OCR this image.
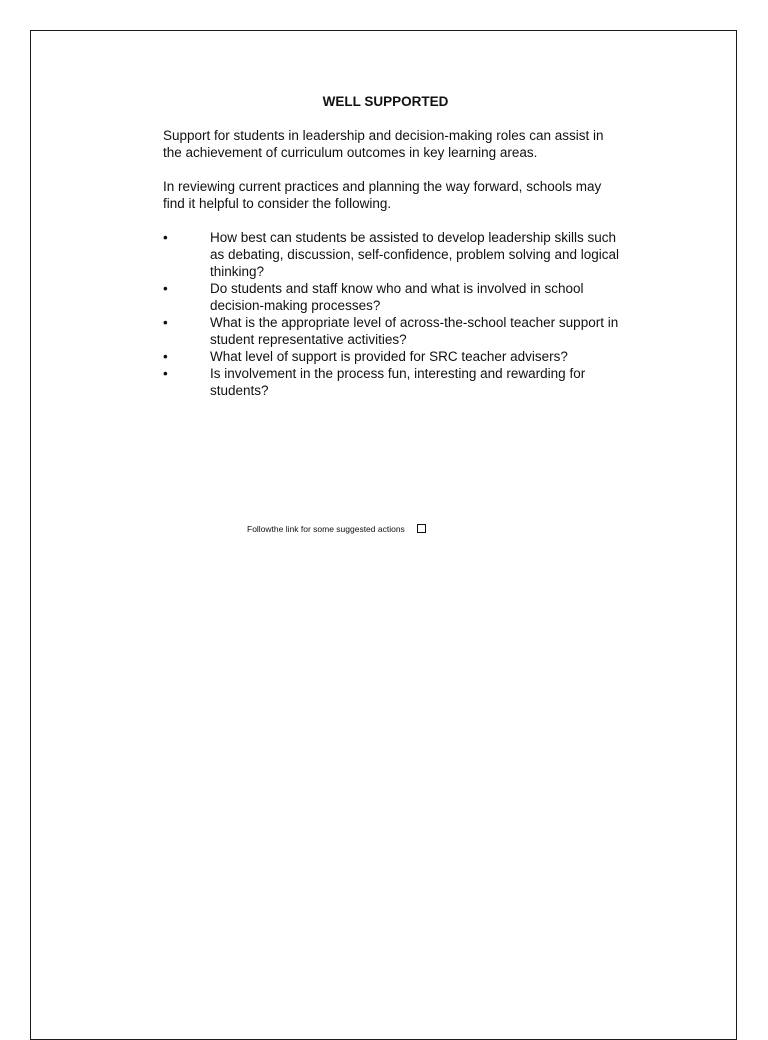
WELL SUPPORTED

Support for students in leadership and decision-making roles can assist in the achievement of curriculum outcomes in key learning areas.

In reviewing current practices and planning the way forward, schools may find it helpful to consider the following.

•	How best can students be assisted to develop leadership skills such as debating, discussion, self-confidence, problem solving and logical thinking?
•	Do students and staff know who and what is involved in school decision-making processes?
•	What is the appropriate level of across-the-school teacher support in student representative activities?
•	What level of support is provided for SRC teacher advisers?
•	Is involvement in the process fun, interesting and rewarding for students?
Followthe link for some suggested actions
